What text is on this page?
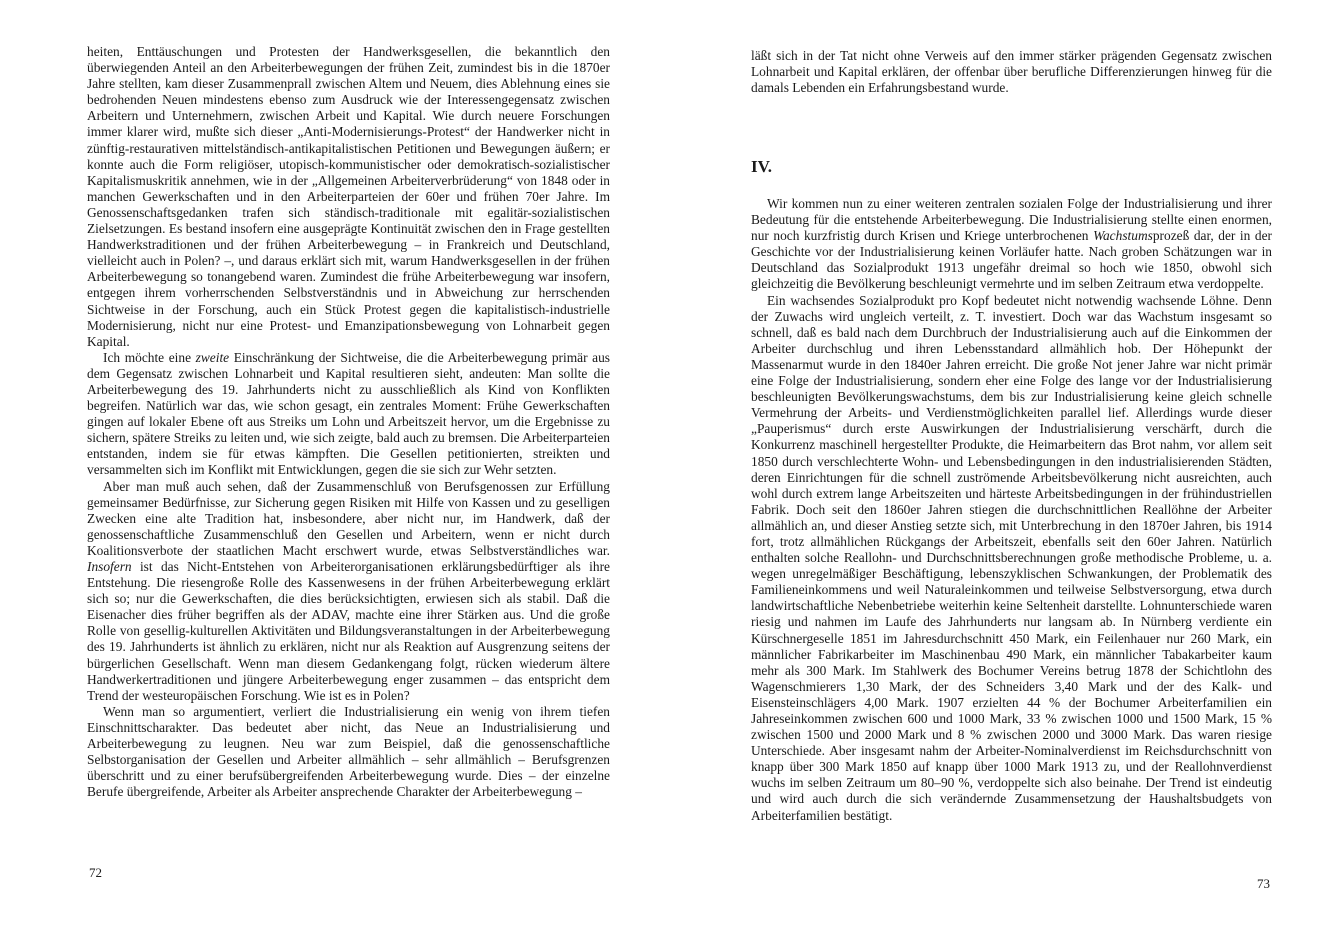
heiten, Enttäuschungen und Protesten der Handwerksgesellen, die bekanntlich den überwiegenden Anteil an den Arbeiterbewegungen der frühen Zeit, zumindest bis in die 1870er Jahre stellten, kam dieser Zusammenprall zwischen Altem und Neuem, dies Ablehnung eines sie bedrohenden Neuen mindestens ebenso zum Ausdruck wie der Interessengegensatz zwischen Arbeitern und Unternehmern, zwischen Arbeit und Kapital. Wie durch neuere Forschungen immer klarer wird, mußte sich dieser „Anti-Modernisierungs-Protest“ der Handwerker nicht in zünftig-restaurativen mittelständisch-antikapitalistischen Petitionen und Bewegungen äußern; er konnte auch die Form religiöser, utopisch-kommunistischer oder demokratisch-sozialistischer Kapitalismuskritik annehmen, wie in der „Allgemeinen Arbeiterverbrüderung“ von 1848 oder in manchen Gewerkschaften und in den Arbeiterparteien der 60er und frühen 70er Jahre. Im Genossenschaftsgedanken trafen sich ständisch-traditionale mit egalitär-sozialistischen Zielsetzungen. Es bestand insofern eine ausgeprägte Kontinuität zwischen den in Frage gestellten Handwerkstraditionen und der frühen Arbeiterbewegung – in Frankreich und Deutschland, vielleicht auch in Polen? –, und daraus erklärt sich mit, warum Handwerksgesellen in der frühen Arbeiterbewegung so tonangebend waren. Zumindest die frühe Arbeiterbewegung war insofern, entgegen ihrem vorherrschenden Selbstverständnis und in Abweichung zur herrschenden Sichtweise in der Forschung, auch ein Stück Protest gegen die kapitalistisch-industrielle Modernisierung, nicht nur eine Protest- und Emanzipationsbewegung von Lohnarbeit gegen Kapital.

Ich möchte eine zweite Einschränkung der Sichtweise, die die Arbeiterbewegung primär aus dem Gegensatz zwischen Lohnarbeit und Kapital resultieren sieht, andeuten: Man sollte die Arbeiterbewegung des 19. Jahrhunderts nicht zu ausschließlich als Kind von Konflikten begreifen. Natürlich war das, wie schon gesagt, ein zentrales Moment: Frühe Gewerkschaften gingen auf lokaler Ebene oft aus Streiks um Lohn und Arbeitszeit hervor, um die Ergebnisse zu sichern, spätere Streiks zu leiten und, wie sich zeigte, bald auch zu bremsen. Die Arbeiterparteien entstanden, indem sie für etwas kämpften. Die Gesellen petitionierten, streikten und versammelten sich im Konflikt mit Entwicklungen, gegen die sie sich zur Wehr setzten.

Aber man muß auch sehen, daß der Zusammenschluß von Berufsgenossen zur Erfüllung gemeinsamer Bedürfnisse, zur Sicherung gegen Risiken mit Hilfe von Kassen und zu geselligen Zwecken eine alte Tradition hat, insbesondere, aber nicht nur, im Handwerk, daß der genossenschaftliche Zusammenschluß den Gesellen und Arbeitern, wenn er nicht durch Koalitionsverbote der staatlichen Macht erschwert wurde, etwas Selbstverständliches war. Insofern ist das Nicht-Entstehen von Arbeiterorganisationen erklärungsbedürftiger als ihre Entstehung. Die riesengroße Rolle des Kassenwesens in der frühen Arbeiterbewegung erklärt sich so; nur die Gewerkschaften, die dies berücksichtigten, erwiesen sich als stabil. Daß die Eisenacher dies früher begriffen als der ADAV, machte eine ihrer Stärken aus. Und die große Rolle von gesellig-kulturellen Aktivitäten und Bildungsveranstaltungen in der Arbeiterbewegung des 19. Jahrhunderts ist ähnlich zu erklären, nicht nur als Reaktion auf Ausgrenzung seitens der bürgerlichen Gesellschaft. Wenn man diesem Gedankengang folgt, rücken wiederum ältere Handwerkertraditionen und jüngere Arbeiterbewegung enger zusammen – das entspricht dem Trend der westeuropäischen Forschung. Wie ist es in Polen?

Wenn man so argumentiert, verliert die Industrialisierung ein wenig von ihrem tiefen Einschnittscharakter. Das bedeutet aber nicht, das Neue an Industrialisierung und Arbeiterbewegung zu leugnen. Neu war zum Beispiel, daß die genossenschaftliche Selbstorganisation der Gesellen und Arbeiter allmählich – sehr allmählich – Berufsgrenzen überschritt und zu einer berufsübergreifenden Arbeiterbewegung wurde. Dies – der einzelne Berufe übergreifende, Arbeiter als Arbeiter ansprechende Charakter der Arbeiterbewegung –

72

läßt sich in der Tat nicht ohne Verweis auf den immer stärker prägenden Gegensatz zwischen Lohnarbeit und Kapital erklären, der offenbar über berufliche Differenzierungen hinweg für die damals Lebenden ein Erfahrungsbestand wurde.

IV.

Wir kommen nun zu einer weiteren zentralen sozialen Folge der Industrialisierung und ihrer Bedeutung für die entstehende Arbeiterbewegung. Die Industrialisierung stellte einen enormen, nur noch kurzfristig durch Krisen und Kriege unterbrochenen Wachstumsprozeß dar, der in der Geschichte vor der Industrialisierung keinen Vorläufer hatte. Nach groben Schätzungen war in Deutschland das Sozialprodukt 1913 ungefähr dreimal so hoch wie 1850, obwohl sich gleichzeitig die Bevölkerung beschleunigt vermehrte und im selben Zeitraum etwa verdoppelte.

Ein wachsendes Sozialprodukt pro Kopf bedeutet nicht notwendig wachsende Löhne. Denn der Zuwachs wird ungleich verteilt, z. T. investiert. Doch war das Wachstum insgesamt so schnell, daß es bald nach dem Durchbruch der Industrialisierung auch auf die Einkommen der Arbeiter durchschlug und ihren Lebensstandard allmählich hob. Der Höhepunkt der Massenarmut wurde in den 1840er Jahren erreicht. Die große Not jener Jahre war nicht primär eine Folge der Industrialisierung, sondern eher eine Folge des lange vor der Industrialisierung beschleunigten Bevölkerungswachstums, dem bis zur Industrialisierung keine gleich schnelle Vermehrung der Arbeits- und Verdienstmöglichkeiten parallel lief. Allerdings wurde dieser „Pauperismus“ durch erste Auswirkungen der Industrialisierung verschärft, durch die Konkurrenz maschinell hergestellter Produkte, die Heimarbeitern das Brot nahm, vor allem seit 1850 durch verschlechterte Wohn- und Lebensbedingungen in den industrialisierenden Städten, deren Einrichtungen für die schnell zuströmende Arbeitsbevölkerung nicht ausreichten, auch wohl durch extrem lange Arbeitszeiten und härteste Arbeitsbedingungen in der frühindustriellen Fabrik. Doch seit den 1860er Jahren stiegen die durchschnittlichen Reallöhne der Arbeiter allmählich an, und dieser Anstieg setzte sich, mit Unterbrechung in den 1870er Jahren, bis 1914 fort, trotz allmählichen Rückgangs der Arbeitszeit, ebenfalls seit den 60er Jahren. Natürlich enthalten solche Reallohn- und Durchschnittsberechnungen große methodische Probleme, u. a. wegen unregelmäßiger Beschäftigung, lebenszyklischen Schwankungen, der Problematik des Familieneinkommens und weil Naturaleinkommen und teilweise Selbstversorgung, etwa durch landwirtschaftliche Nebenbetriebe weiterhin keine Seltenheit darstellte. Lohnunterschiede waren riesig und nahmen im Laufe des Jahrhunderts nur langsam ab. In Nürnberg verdiente ein Kürschnergeselle 1851 im Jahresdurchschnitt 450 Mark, ein Feilenhauer nur 260 Mark, ein männlicher Fabrikarbeiter im Maschinenbau 490 Mark, ein männlicher Tabakarbeiter kaum mehr als 300 Mark. Im Stahlwerk des Bochumer Vereins betrug 1878 der Schichtlohn des Wagenschmierers 1,30 Mark, der des Schneiders 3,40 Mark und der des Kalk- und Eisensteinschlägers 4,00 Mark. 1907 erzielten 44 % der Bochumer Arbeiterfamilien ein Jahreseinkommen zwischen 600 und 1000 Mark, 33 % zwischen 1000 und 1500 Mark, 15 % zwischen 1500 und 2000 Mark und 8 % zwischen 2000 und 3000 Mark. Das waren riesige Unterschiede. Aber insgesamt nahm der Arbeiter-Nominalverdienst im Reichsdurchschnitt von knapp über 300 Mark 1850 auf knapp über 1000 Mark 1913 zu, und der Reallohnverdienst wuchs im selben Zeitraum um 80–90 %, verdoppelte sich also beinahe. Der Trend ist eindeutig und wird auch durch die sich verändernde Zusammensetzung der Haushaltsbudgets von Arbeiterfamilien bestätigt.

73
